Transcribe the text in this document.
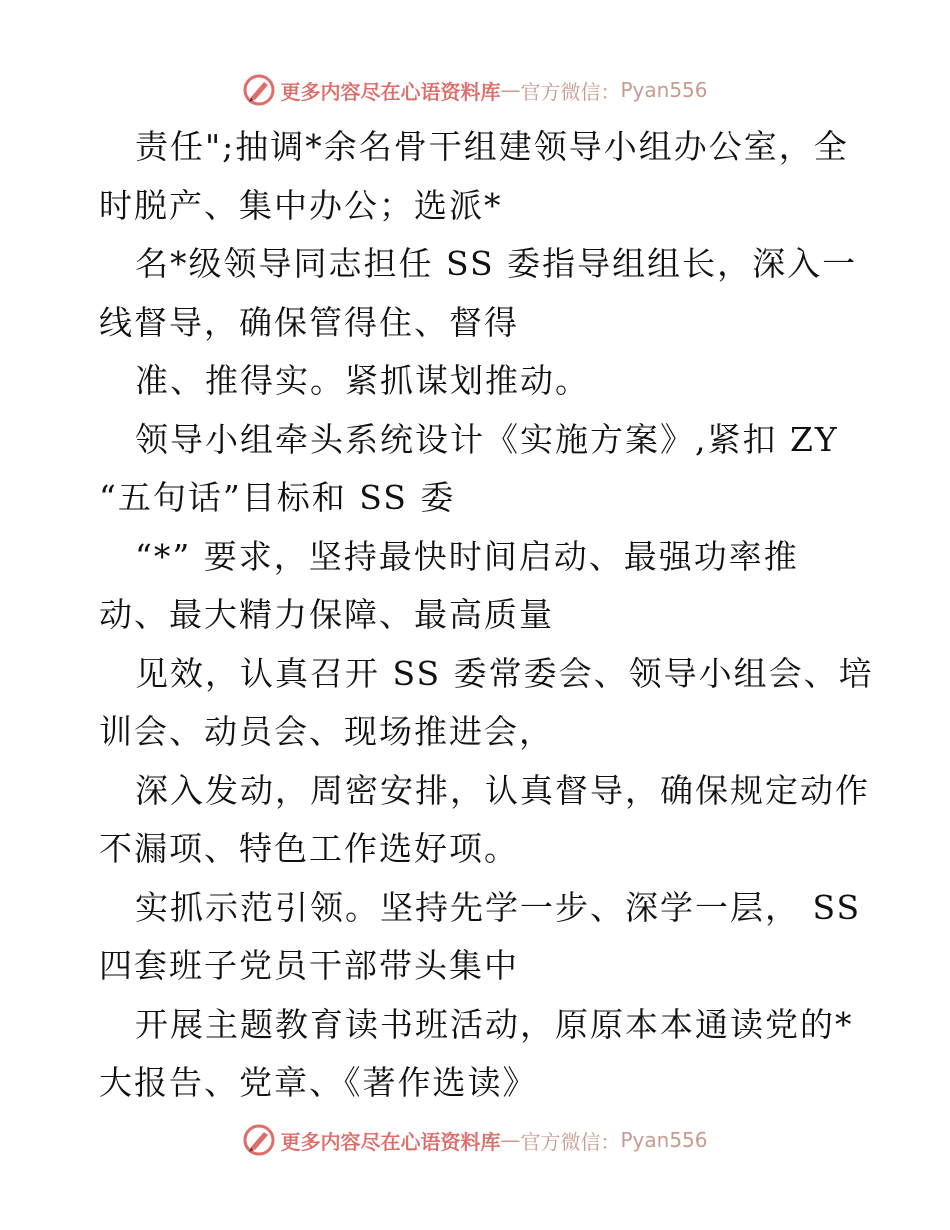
更多内容尽在心语资料库 — 官方微信： Pyan556
责任";抽调*余名骨干组建领导小组办公室，全
时脱产、集中办公；选派*
名*级领导同志担任 SS 委指导组组长，深入一
线督导，确保管得住、督得
准、推得实。紧抓谋划推动。
领导小组牵头系统设计《实施方案》,紧扣 ZY
“五句话”目标和 SS 委
“*” 要求，坚持最快时间启动、最强功率推
动、最大精力保障、最高质量
见效，认真召开 SS 委常委会、领导小组会、培
训会、动员会、现场推进会，
深入发动，周密安排，认真督导，确保规定动作
不漏项、特色工作选好项。
实抓示范引领。坚持先学一步、深学一层， SS
四套班子党员干部带头集中
开展主题教育读书班活动，原原本本通读党的*
大报告、党章、《著作选读》
更多内容尽在心语资料库 — 官方微信： Pyan556
